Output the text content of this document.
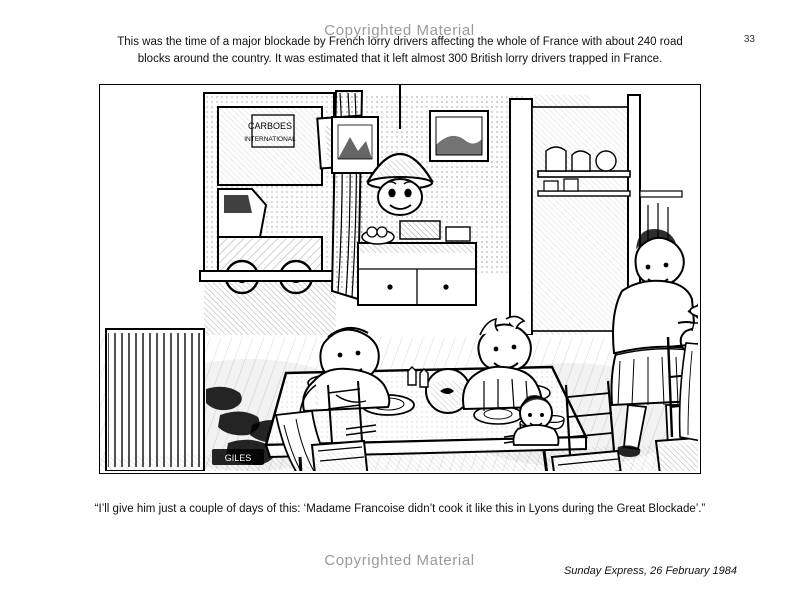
Copyrighted Material
33
This was the time of a major blockade by French lorry drivers affecting the whole of France with about 240 road blocks around the country. It was estimated that it left almost 300 British lorry drivers trapped in France.
CARBOES
INTERNATIONAL
GILES
“I’ll give him just a couple of days of this: ‘Madame Francoise didn’t cook it like this in Lyons during the Great Blockade’.”
Copyrighted Material
Sunday Express, 26 February 1984
